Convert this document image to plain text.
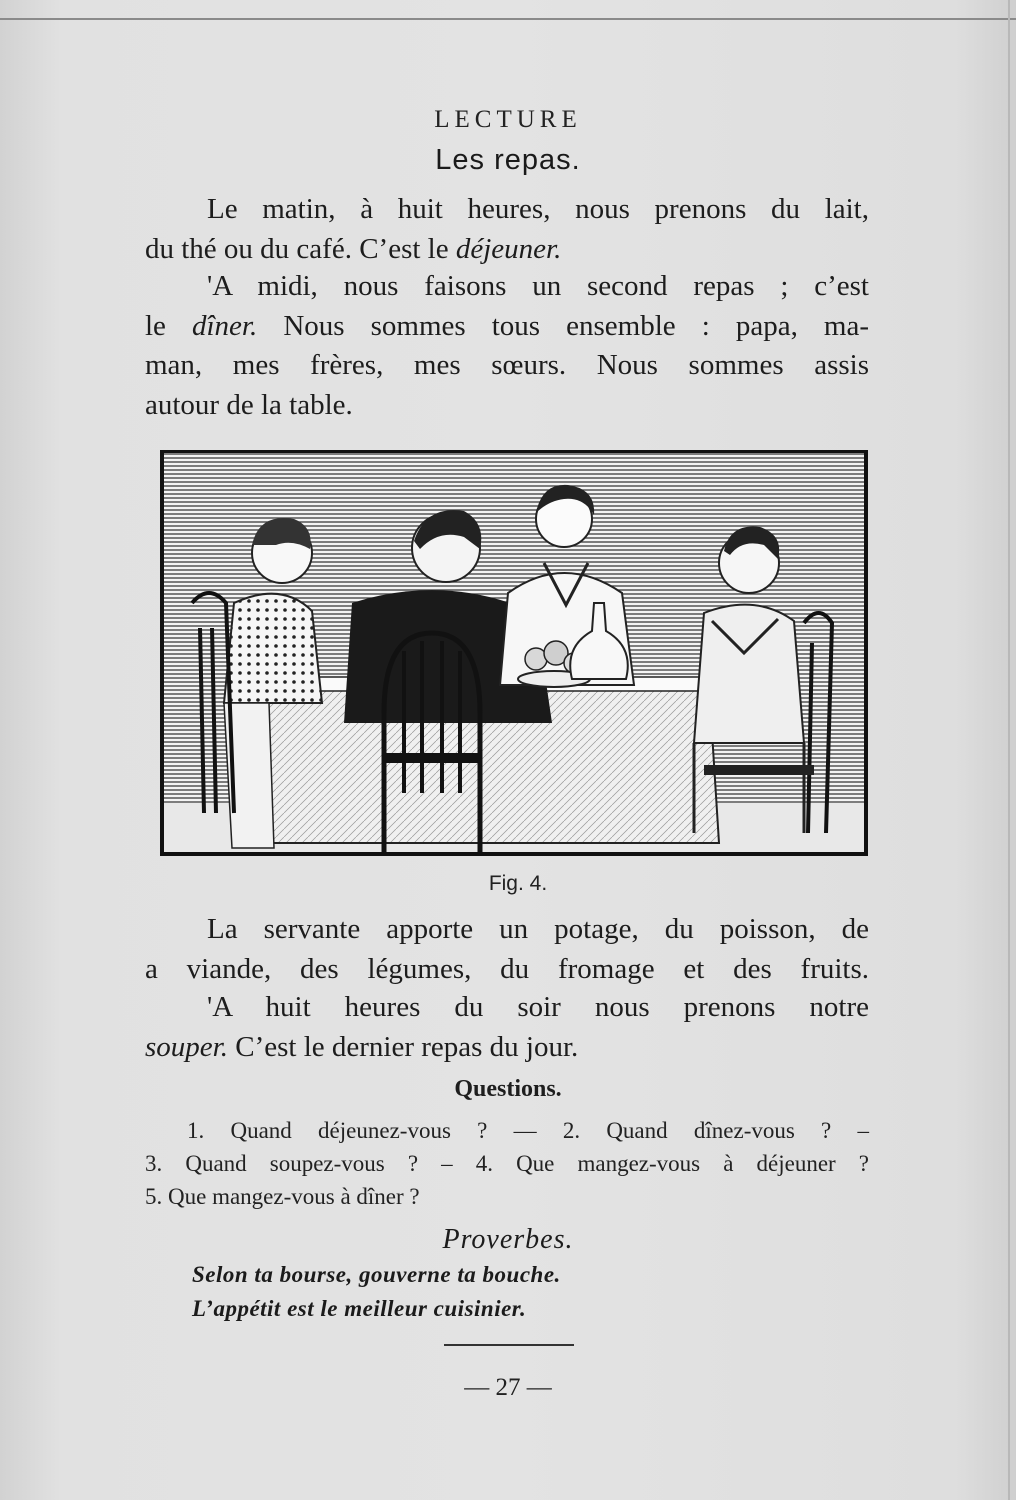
LECTURE
Les repas.
Le matin, à huit heures, nous prenons du lait,
du thé ou du café. C’est le déjeuner.
'A midi, nous faisons un second repas ; c’est
le dîner. Nous sommes tous ensemble : papa, ma-
man, mes frères, mes sœurs. Nous sommes assis
autour de la table.
Fig. 4.
La servante apporte un potage, du poisson, de
a viande, des légumes, du fromage et des fruits.
'A huit heures du soir nous prenons notre
souper. C’est le dernier repas du jour.
Questions.
1. Quand déjeunez-vous ? — 2. Quand dînez-vous ? –
3. Quand soupez-vous ? – 4. Que mangez-vous à déjeuner ?
5. Que mangez-vous à dîner ?
Proverbes.
Selon ta bourse, gouverne ta bouche.
L’appétit est le meilleur cuisinier.
— 27 —
